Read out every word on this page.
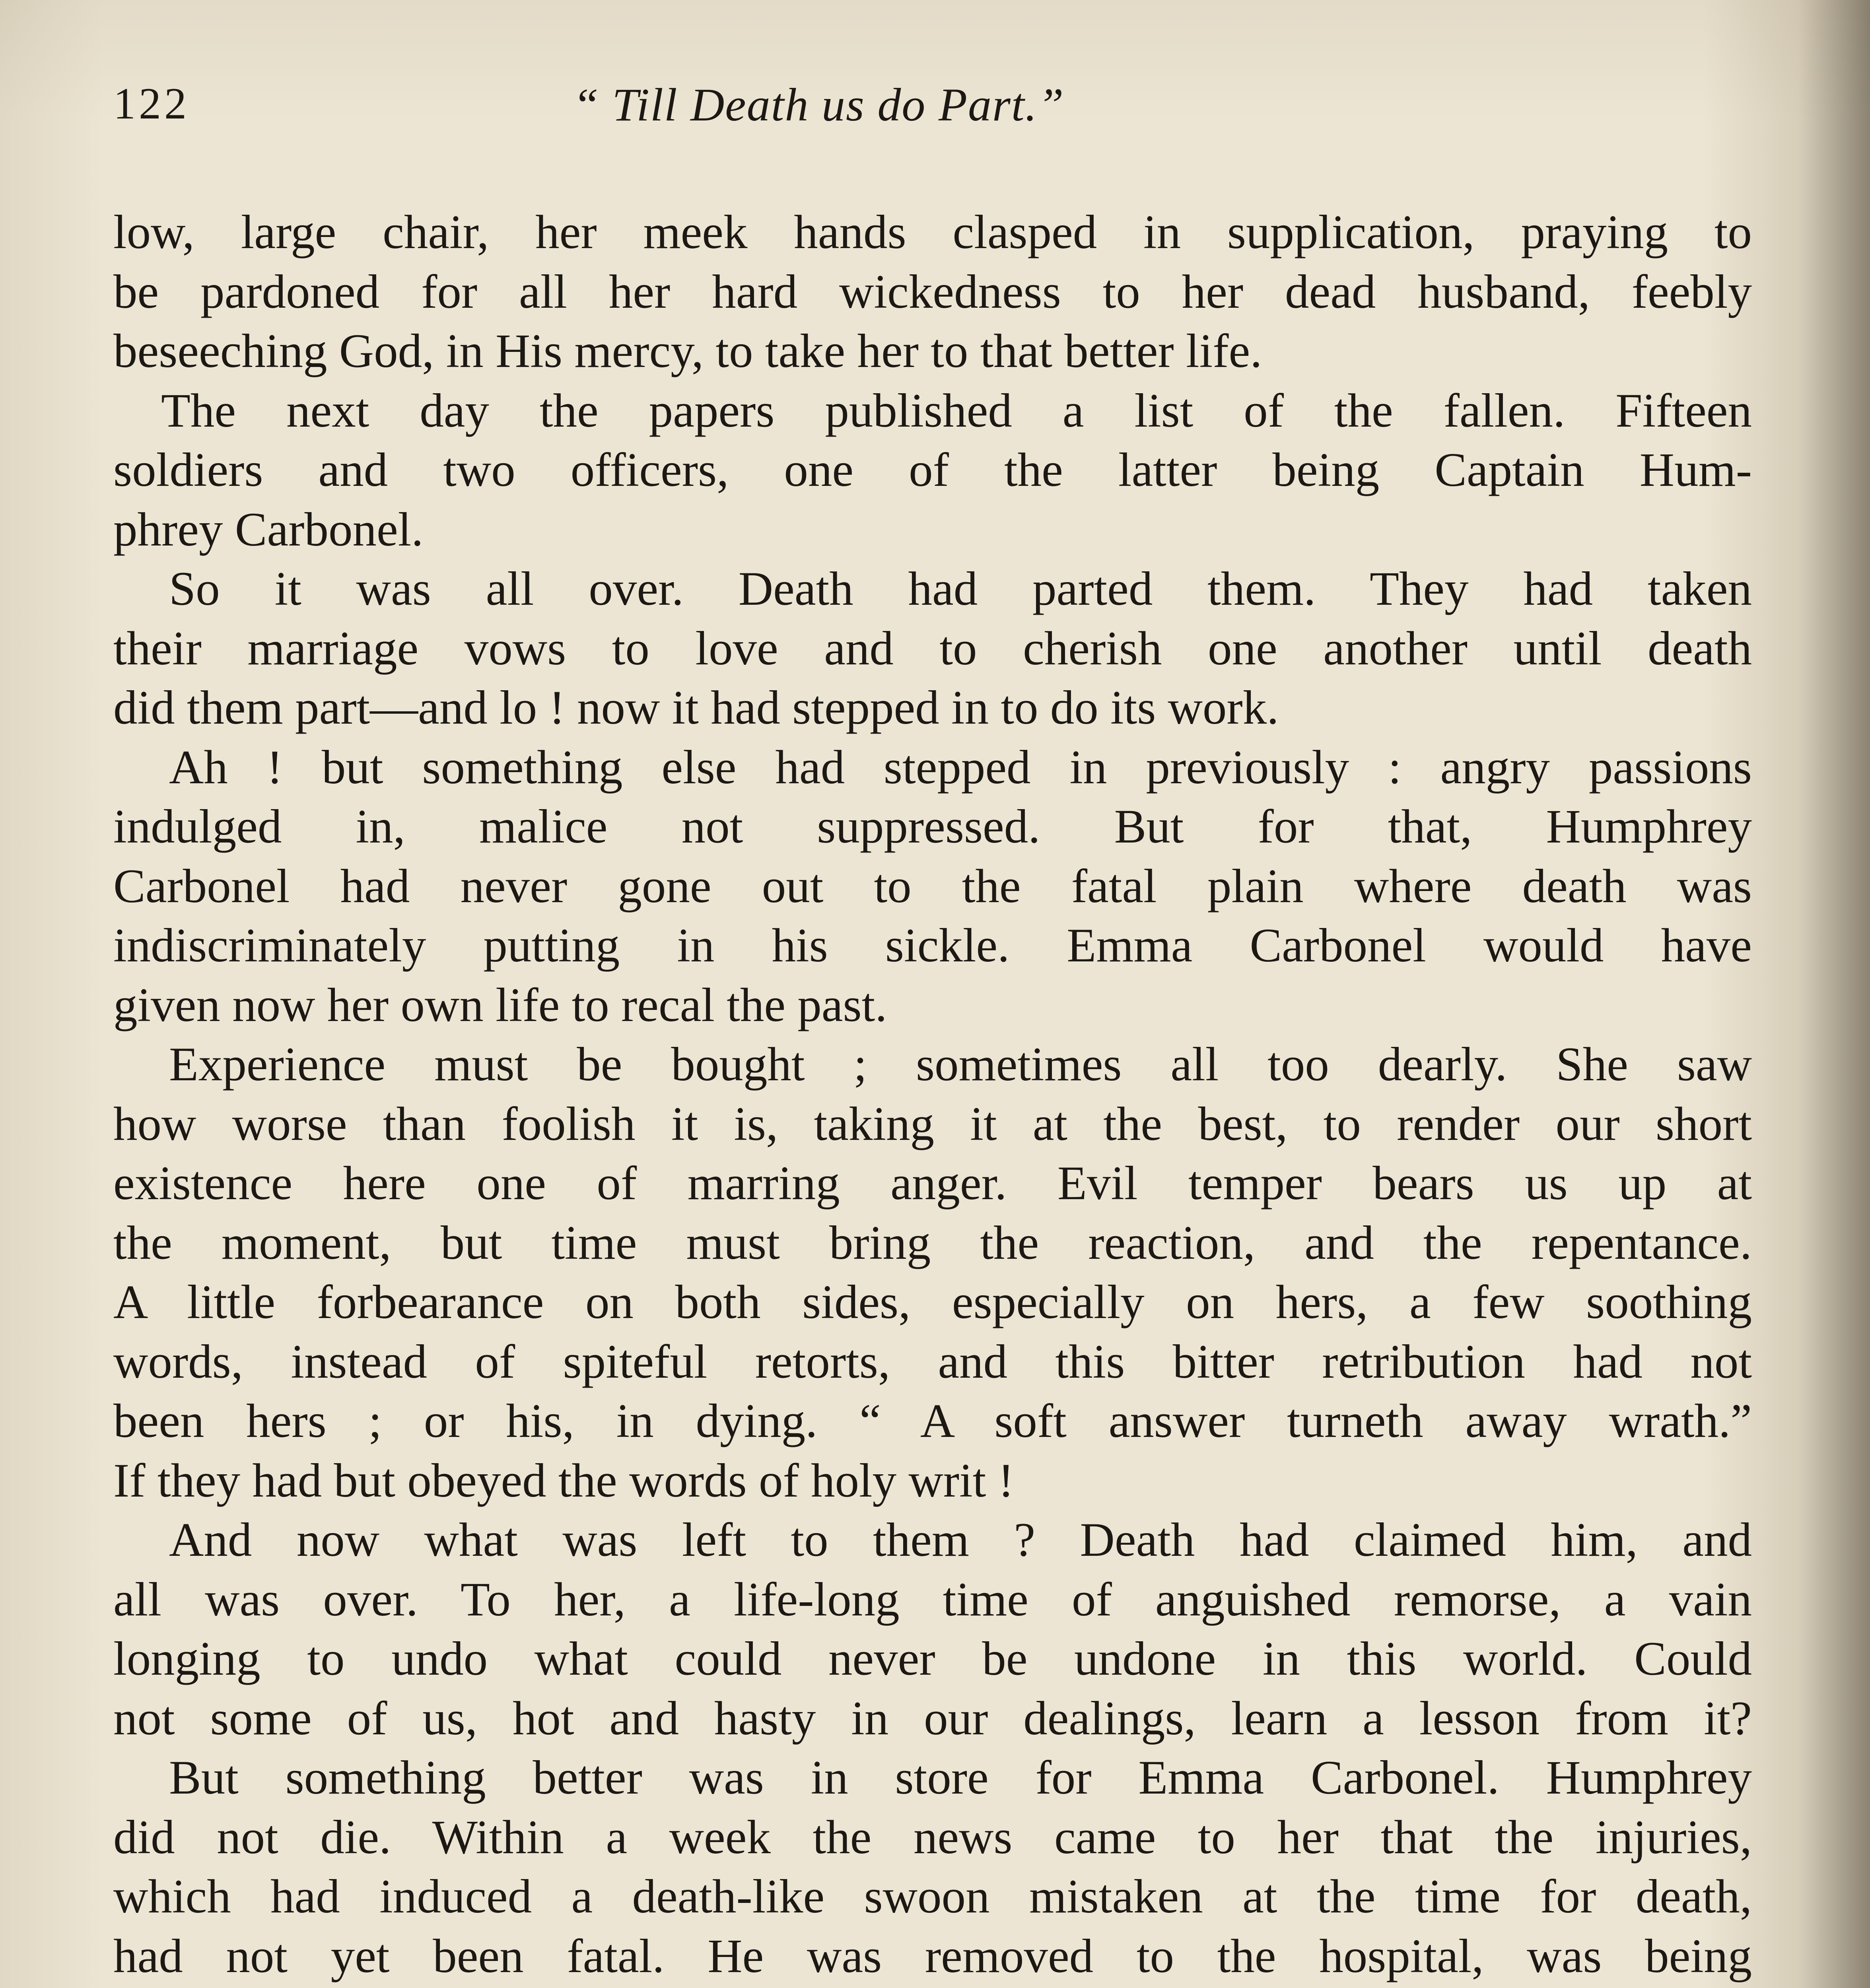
122	“ Till Death us do Part.”
low, large chair, her meek hands clasped in supplication, praying to
be pardoned for all her hard wickedness to her dead husband, feebly
beseeching God, in His mercy, to take her to that better life.
The next day the papers published a list of the fallen. Fifteen
soldiers and two officers, one of the latter being Captain Hum-
phrey Carbonel.
So it was all over. Death had parted them. They had taken
their marriage vows to love and to cherish one another until death
did them part—and lo ! now it had stepped in to do its work.
Ah ! but something else had stepped in previously : angry passions
indulged in, malice not suppressed. But for that, Humphrey
Carbonel had never gone out to the fatal plain where death was
indiscriminately putting in his sickle. Emma Carbonel would have
given now her own life to recal the past.
Experience must be bought ; sometimes all too dearly. She saw
how worse than foolish it is, taking it at the best, to render our short
existence here one of marring anger. Evil temper bears us up at
the moment, but time must bring the reaction, and the repentance.
A little forbearance on both sides, especially on hers, a few soothing
words, instead of spiteful retorts, and this bitter retribution had not
been hers ; or his, in dying. “ A soft answer turneth away wrath.”
If they had but obeyed the words of holy writ !
And now what was left to them ? Death had claimed him, and
all was over. To her, a life-long time of anguished remorse, a vain
longing to undo what could never be undone in this world. Could
not some of us, hot and hasty in our dealings, learn a lesson from it?
But something better was in store for Emma Carbonel. Humphrey
did not die. Within a week the news came to her that the injuries,
which had induced a death-like swoon mistaken at the time for death,
had not yet been fatal. He was removed to the hospital, was being
